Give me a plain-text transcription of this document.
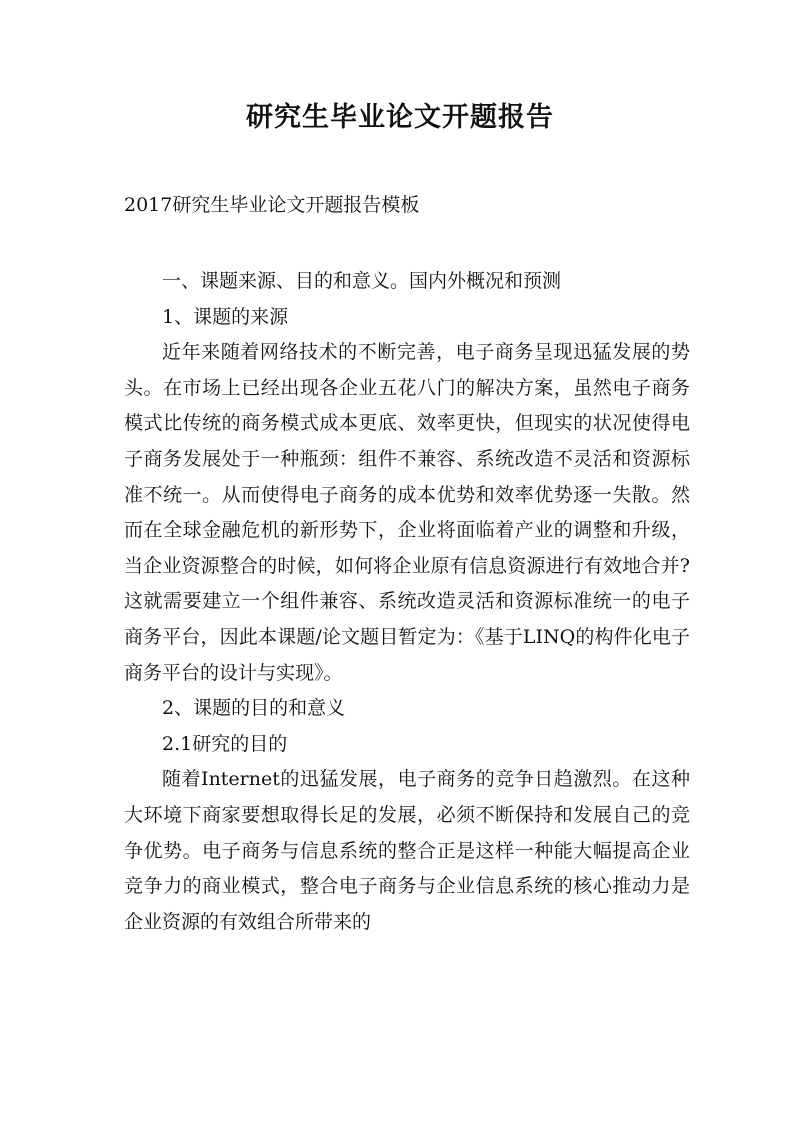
研究生毕业论文开题报告

2017研究生毕业论文开题报告模板

一、课题来源、目的和意义。国内外概况和预测

1、课题的来源

近年来随着网络技术的不断完善，电子商务呈现迅猛发展的势头。在市场上已经出现各企业五花八门的解决方案，虽然电子商务模式比传统的商务模式成本更底、效率更快，但现实的状况使得电子商务发展处于一种瓶颈：组件不兼容、系统改造不灵活和资源标准不统一。从而使得电子商务的成本优势和效率优势逐一失散。然而在全球金融危机的新形势下，企业将面临着产业的调整和升级，当企业资源整合的时候，如何将企业原有信息资源进行有效地合并?这就需要建立一个组件兼容、系统改造灵活和资源标准统一的电子商务平台，因此本课题/论文题目暂定为：《基于LINQ的构件化电子商务平台的设计与实现》。

2、课题的目的和意义

2.1研究的目的

随着Internet的迅猛发展，电子商务的竞争日趋激烈。在这种大环境下商家要想取得长足的发展，必须不断保持和发展自己的竞争优势。电子商务与信息系统的整合正是这样一种能大幅提高企业竞争力的商业模式，整合电子商务与企业信息系统的核心推动力是企业资源的有效组合所带来的
